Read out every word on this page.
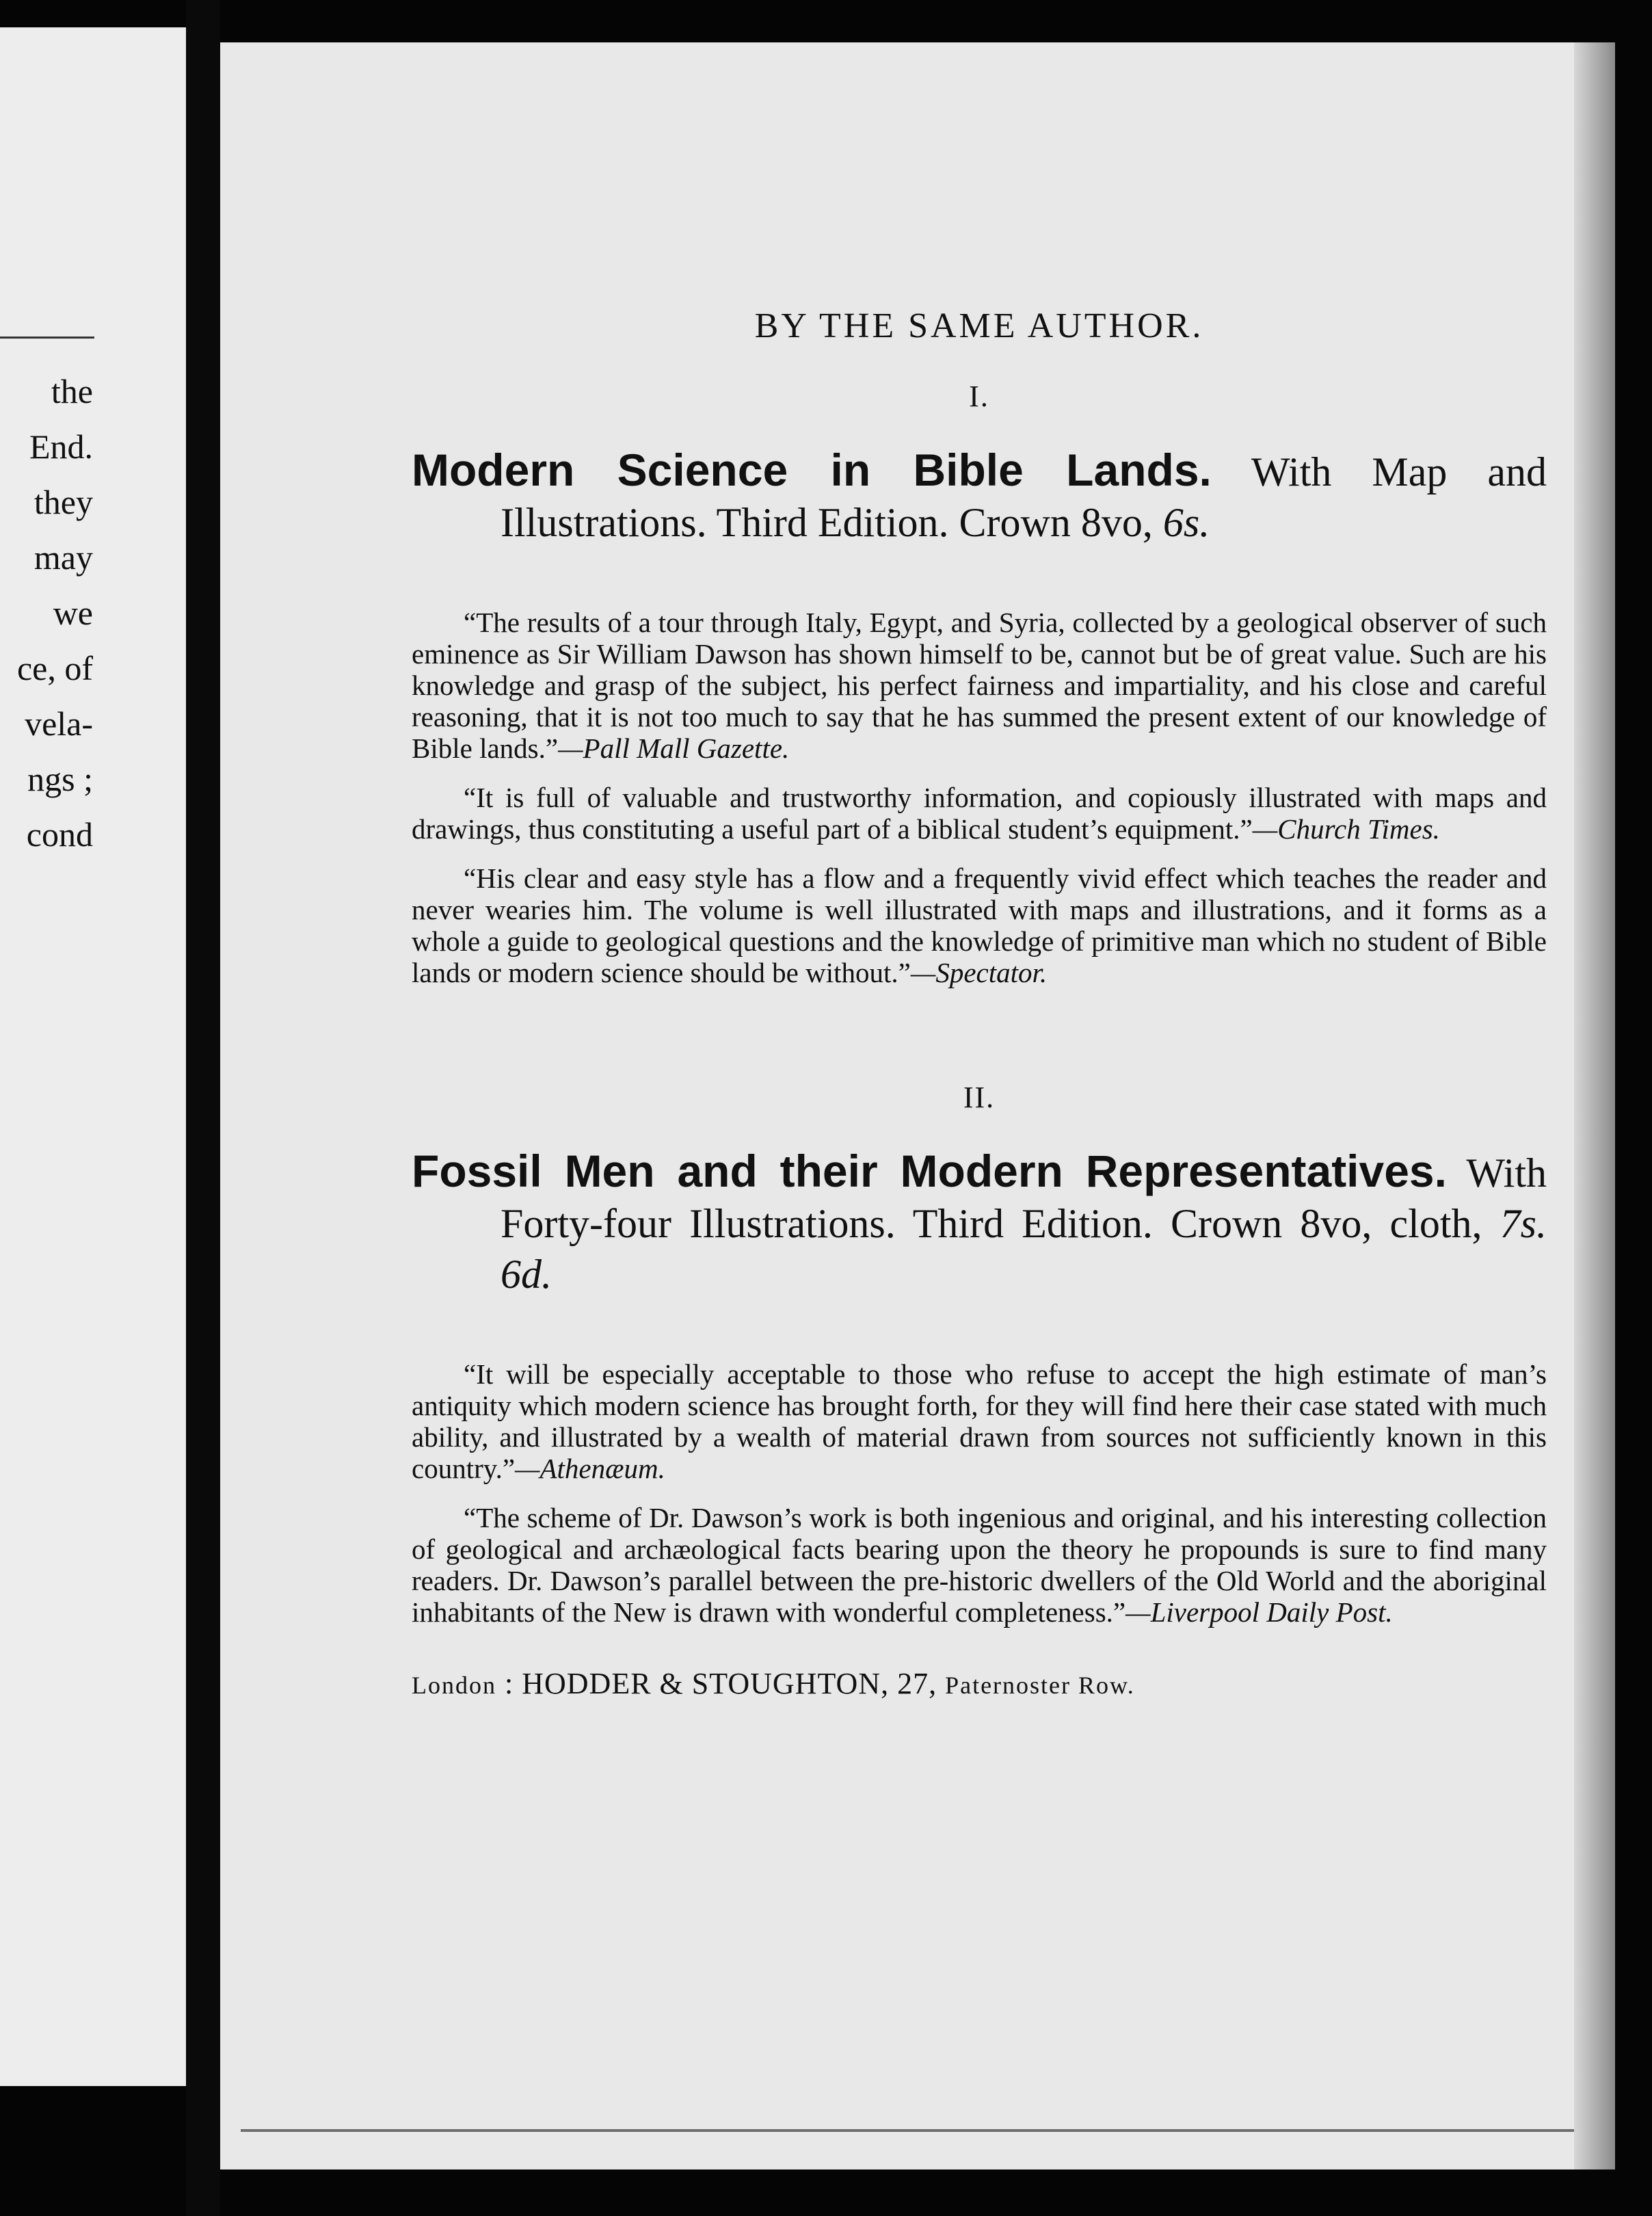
the
End.
they
may
we
ce, of
vela-
ngs ;
cond
BY THE SAME AUTHOR.
I.
Modern Science in Bible Lands. With Map and Illustrations. Third Edition. Crown 8vo, 6s.

“The results of a tour through Italy, Egypt, and Syria, collected by a geological observer of such eminence as Sir William Dawson has shown himself to be, cannot but be of great value. Such are his knowledge and grasp of the subject, his perfect fairness and impartiality, and his close and careful reasoning, that it is not too much to say that he has summed the present extent of our knowledge of Bible lands.”—Pall Mall Gazette.

“It is full of valuable and trustworthy information, and copiously illustrated with maps and drawings, thus constituting a useful part of a biblical student’s equipment.”—Church Times.

“His clear and easy style has a flow and a frequently vivid effect which teaches the reader and never wearies him. The volume is well illustrated with maps and illustrations, and it forms as a whole a guide to geological questions and the knowledge of primitive man which no student of Bible lands or modern science should be without.”—Spectator.

II.
Fossil Men and their Modern Representatives. With Forty-four Illustrations. Third Edition. Crown 8vo, cloth, 7s. 6d.

“It will be especially acceptable to those who refuse to accept the high estimate of man’s antiquity which modern science has brought forth, for they will find here their case stated with much ability, and illustrated by a wealth of material drawn from sources not sufficiently known in this country.”—Athenæum.

“The scheme of Dr. Dawson’s work is both ingenious and original, and his interesting collection of geological and archæological facts bearing upon the theory he propounds is sure to find many readers. Dr. Dawson’s parallel between the pre-historic dwellers of the Old World and the aboriginal inhabitants of the New is drawn with wonderful completeness.”—Liverpool Daily Post.

London : HODDER & STOUGHTON, 27, Paternoster Row.
